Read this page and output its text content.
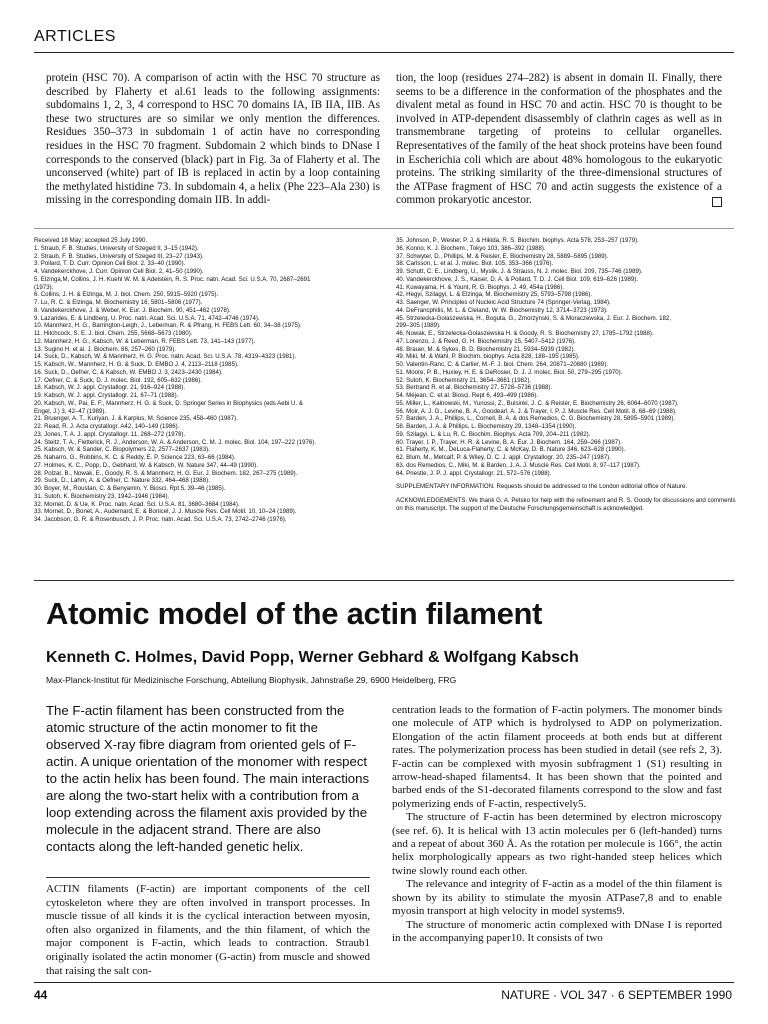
ARTICLES

protein (HSC 70). A comparison of actin with the HSC 70 structure as described by Flaherty et al.61 leads to the following assignments: subdomains 1, 2, 3, 4 correspond to HSC 70 domains IA, IB IIA, IIB. As these two structures are so similar we only mention the differences. Residues 350–373 in subdomain 1 of actin have no corresponding residues in the HSC 70 fragment. Subdomain 2 which binds to DNase I corresponds to the conserved (black) part in Fig. 3a of Flaherty et al. The unconserved (white) part of IB is replaced in actin by a loop containing the methylated histidine 73. In subdomain 4, a helix (Phe 223–Ala 230) is missing in the corresponding domain IIB. In addi-

tion, the loop (residues 274–282) is absent in domain II. Finally, there seems to be a difference in the conformation of the phosphates and the divalent metal as found in HSC 70 and actin. HSC 70 is thought to be involved in ATP-dependent disassembly of clathrin cages as well as in transmembrane targeting of proteins to cellular organelles. Representatives of the family of the heat shock proteins have been found in Escherichia coli which are about 48% homologous to the eukaryotic proteins. The striking similarity of the three-dimensional structures of the ATPase fragment of HSC 70 and actin suggests the existence of a common prokaryotic ancestor.

Received 18 May; accepted 25 July 1990.
1. Straub, F. B. Studies, University of Szeged II, 3–15 (1942).
2. Straub, F. B. Studies, University of Szeged III, 23–27 (1943).
3. Pollard, T. D. Curr. Opinion Cell Biol. 2, 33–40 (1990).
4. Vandekerckhove, J. Curr. Opinion Cell Biol. 2, 41–50 (1990).
5. Elzinga,M, Collins, J. H. Kuehl W. M. & Adelstein, R. S. Proc. natn. Acad. Sci. U.S.A. 70, 2687–2691
(1973).
6. Collins, J. H. & Elzinga, M. J. biol. Chem. 250, 5915–5920 (1975).
7. Lu, R. C. & Elzinga, M. Biochemistry 16, 5801–5806 (1977).
8. Vandekerckhove, J. & Weber, K. Eur. J. Biochem. 90, 451–462 (1978).
9. Lazarides, E. & Lindberg, U. Proc. natn. Acad. Sci. U.S.A. 71, 4742–4746 (1974).
10. Mannherz, H. G., Barrington-Leigh, J., Leberman, R. & Pfrang, H. FEBS Lett. 60, 34–38 (1975).
11. Hitchcock, S. E. J. biol. Chem. 255, 5668–5673 (1980).
12. Mannherz, H. G., Kabsch, W. & Leberman, R. FEBS Lett. 73, 141–143 (1977).
13. Sugino H. et al. J. Biochem. 86, 257–260 (1979).
14. Suck, D., Kabsch, W. & Mannherz, H. G. Proc. natn. Acad. Sci. U.S.A. 78, 4319–4323 (1981).
15. Kabsch, W., Mannherz, H. G. & Suck, D. EMBO J. 4, 2113–2118 (1985).
16. Suck, D., Oefner, C. & Kabsch, W. EMBO J. 3, 2423–2430 (1984).
17. Oefner, C. & Suck, D. J. molec. Biol. 192, 605–632 (1986).
18. Kabsch, W. J. appl. Crystallogr. 21, 916–924 (1988).
19. Kabsch, W. J. appl. Crystallogr. 21, 67–71 (1988).
20. Kabsch, W., Pai, E. F., Mannherz, H. G. & Suck, D. Springer Series in Biophysics (eds Aebi U. &
Engel, J.) 3, 42–47 (1989).
21. Bruenger, A. T., Kuriyan, J. & Karplus, M. Science 235, 458–460 (1987).
22. Read, R. J. Acta crystallogr. A42, 140–149 (1986).
23. Jones, T. A. J. appl. Crystallogr. 11, 268–272 (1978).
24. Steitz, T. A., Fletterick, R. J., Anderson, W. A. & Anderson, C. M. J. molec. Biol. 104, 197–222 (1976).
25. Kabsch, W. & Sander, C. Biopolymers 22, 2577–2637 (1983).
26. Naharro, G., Robbins, K. C. & Reddy, E. P. Science 223, 63–66 (1984).
27. Holmes, K. C., Popp, D., Gebhard, W. & Kabsch, W. Nature 347, 44–49 (1990).
28. Polzar, B., Nowak, E., Goody, R. S. & Mannherz, H. G. Eur. J. Biochem. 182, 267–275 (1989).
29. Suck, D., Lahm, A. & Oefner, C. Nature 332, 464–468 (1988).
30. Boyer, M., Roustan, C. & Benyamin, Y. Biosci. Rpt 5, 39–46 (1985).
31. Sutoh, K. Biochemistry 23, 1942–1946 (1984).
32. Mornet, D. & Ue, K. Proc. natn. Acad. Sci. U.S.A. 81, 3680–3684 (1984).
33. Mornet, D., Bonet, A., Audemard, E. & Bonicel, J. J. Muscle Res. Cell Motil. 10, 10–24 (1989).
34. Jacobson, G. R. & Rosenbusch, J. P. Proc. natn. Acad. Sci. U.S.A. 73, 2742–2746 (1976).
35. Johnson, P., Wester, P. J. & Hikida, R. S. Biochim. biophys. Acta 578, 253–257 (1979).
36. Konno, K. J. Biochem., Tokyo 103, 386–392 (1988).
37. Schwyter, D., Phillips, M. & Reisler, E. Biochemistry 28, 5889–5895 (1989).
38. Carlsson, L. et al. J. molec. Biol. 105, 353–366 (1976).
39. Schutt, C. E., Lindberg, U., Myslik, J. & Strauss, N. J. molec. Biol. 209, 735–746 (1989).
40. Vandekerckhove, J. S., Kaiser, D. A. & Pollard, T. D. J. Cell Biol. 109, 619–626 (1989).
41. Kuwayama, H. & Yount, R. G. Biophys. J. 49, 454a (1986).
42. Hegyi, Szilagyi, L. & Elzinga, M. Biochemistry 25, 5793–5798 (1986).
43. Saenger, W. Principles of Nucleic Acid Structure 74 (Springer-Verlag, 1984).
44. DeFrancphilis, M. L. & Cleland, W. W. Biochemistry 12, 3714–3723 (1973).
45. Strzelecka-Golaszewska, H., Boguta, G., Zmorzynski, S. & Moraczewska, J. Eur. J. Biochem. 182,
299–305 (1989).
46. Nowak, E., Strzelecka-Golaszewska H. & Goody, R. S. Biochemistry 27, 1785–1792 (1988).
47. Lorenzo, J. & Reed, G. H. Biochemistry 15, 5407–5412 (1976).
48. Brauer, M. & Sykes, B. D. Biochemistry 21, 5934–5939 (1982).
49. Miki, M. & Wahl, P. Biochim. biophys. Acta 828, 188–195 (1985).
50. Valentin-Ranc, C. & Carlier, M.-F. J. biol. Chem. 264, 20871–20880 (1989).
51. Moore, P. B., Huxley, H. E. & DeRosier, D. J. J. molec. Biol. 50, 279–295 (1970).
52. Sutoh, K. Biochemistry 21, 3654–3661 (1982).
53. Bertrand R. et al. Biochemistry 27, 5728–5736 (1988).
54. Méjean, C. et al. Biosci. Rept 6, 493–499 (1986).
55. Miller, L., Kalnowski, M., Yunossi, Z., Bulsinki, J. C. & Reisler, E. Biochemistry 26, 6064–6070 (1987).
56. Moir, A. J. G., Levine, B. A., Goodearl, A. J. & Trayer, I. P. J. Muscle Res. Cell Motil. 8, 68–69 (1988).
57. Barden, J. A., Phillips, L., Cornell, B. A. & dos Remedios, C. G. Biochemistry 28, 5895–5901 (1989).
58. Barden, J. A. & Phillips, L. Biochemistry 29, 1348–1354 (1990).
59. Szilagyi, L. & Lu, R. C. Biochim. Biophys. Acta 709, 204–211 (1982).
60. Trayer, I. P., Trayer, H. R. & Levine, B. A. Eur. J. Biochem. 164, 259–266 (1987).
61. Flaherty, K. M., DeLuca-Flaherty, C. & McKay, D. B. Nature 346, 623–628 (1990).
62. Blum, M., Metcalf, P. & Wiley, D. C. J. appl. Crystallogr. 20, 235–247 (1987).
63. dos Remedios, C., Miki, M. & Barden, J. A. J. Muscle Res. Cell Motil. 8, 97–117 (1987).
64. Priestle, J. P. J. appl. Crystallogr. 21, 572–576 (1988).
SUPPLEMENTARY INFORMATION. Requests should be addressed to the London editorial office of Nature.
ACKNOWLEDGEMENTS. We thank G. A. Petsko for help with the refinement and R. S. Goody for discussions and comments on this manuscript. The support of the Deutsche Forschungsgemeinschaft is acknowledged.
Atomic model of the actin filament
Kenneth C. Holmes, David Popp, Werner Gebhard & Wolfgang Kabsch
Max-Planck-Institut für Medizinische Forschung, Abteilung Biophysik, Jahnstraße 29, 6900 Heidelberg, FRG
The F-actin filament has been constructed from the atomic structure of the actin monomer to fit the observed X-ray fibre diagram from oriented gels of F-actin. A unique orientation of the monomer with respect to the actin helix has been found. The main interactions are along the two-start helix with a contribution from a loop extending across the filament axis provided by the molecule in the adjacent strand. There are also contacts along the left-handed genetic helix.
ACTIN filaments (F-actin) are important components of the cell cytoskeleton where they are often involved in transport processes. In muscle tissue of all kinds it is the cyclical interaction between myosin, often also organized in filaments, and the thin filament, of which the major component is F-actin, which leads to contraction. Straub1 originally isolated the actin monomer (G-actin) from muscle and showed that raising the salt con-

centration leads to the formation of F-actin polymers. The monomer binds one molecule of ATP which is hydrolysed to ADP on polymerization. Elongation of the actin filament proceeds at both ends but at different rates. The polymerization process has been studied in detail (see refs 2, 3). F-actin can be complexed with myosin subfragment 1 (S1) resulting in arrow-head-shaped filaments4. It has been shown that the pointed and barbed ends of the S1-decorated filaments correspond to the slow and fast polymerizing ends of F-actin, respectively5.

The structure of F-actin has been determined by electron microscopy (see ref. 6). It is helical with 13 actin molecules per 6 (left-handed) turns and a repeat of about 360 Å. As the rotation per molecule is 166°, the actin helix morphologically appears as two right-handed steep helices which twine slowly round each other.

The relevance and integrity of F-actin as a model of the thin filament is shown by its ability to stimulate the myosin ATPase7,8 and to enable myosin transport at high velocity in model systems9.

The structure of monomeric actin complexed with DNase I is reported in the accompanying paper10. It consists of two

44	NATURE · VOL 347 · 6 SEPTEMBER 1990
